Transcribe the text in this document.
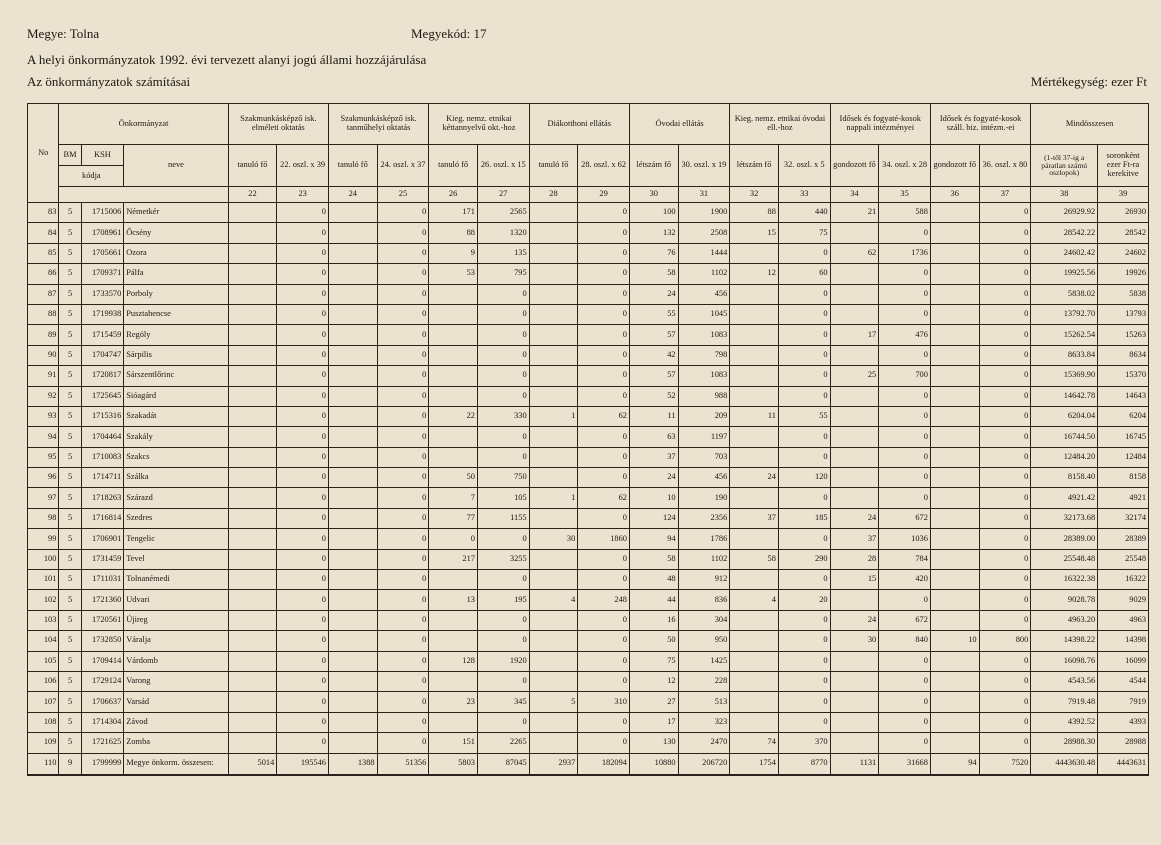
Megye: Tolna	Megyekód: 17
A helyi önkormányzatok 1992. évi tervezett alanyi jogú állami hozzájárulása
Az önkormányzatok számításai	Mértékegység: ezer Ft
No	Önkormányzat			Szakmunkásképző isk. elméleti oktatás		Szakmunkásképző isk. tanműhelyi oktatás		Kieg. nemz. etnikai kéttannyelvű okt.-hoz		Diákotthoni ellátás		Óvodai ellátás		Kieg. nemz. etnikai óvodai ell.-hoz		Idősek és fogyaté-kosok nappali intézményei		Idősek és fogyaté-kosok száll. biz. intézm.-ei		Mindösszesen	
	BM	KSH	neve	tanuló fő	22. oszl. x 39	tanuló fő	24. oszl. x 37	tanuló fő	26. oszl. x 15	tanuló fő	28. oszl. x 62	létszám fő	30. oszl. x 19	létszám fő	32. oszl. x 5	gondozott fő	34. oszl. x 28	gondozott fő	36. oszl. x 80	(1-től 37-ig a páratlan számú oszlopok)	soronként ezer Ft-ra kerekítve
	kódja																				
				22	23	24	25	26	27	28	29	30	31	32	33	34	35	36	37	38	39
83	5	1715006	Németkér		0		0	171	2565		0	100	1900	88	440	21	588		0	26929.92	26930
84	5	1708961	Őcsény		0		0	88	1320		0	132	2508	15	75		0		0	28542.22	28542
85	5	1705661	Ozora		0		0	9	135		0	76	1444		0	62	1736		0	24602.42	24602
86	5	1709371	Pálfa		0		0	53	795		0	58	1102	12	60		0		0	19925.56	19926
87	5	1733570	Porboly		0		0		0		0	24	456		0		0		0	5838.02	5838
88	5	1719938	Pusztahencse		0		0		0		0	55	1045		0		0		0	13792.70	13793
89	5	1715459	Regöly		0		0		0		0	57	1083		0	17	476		0	15262.54	15263
90	5	1704747	Sárpilis		0		0		0		0	42	798		0		0		0	8633.84	8634
91	5	1720817	Sárszentlőrinc		0		0		0		0	57	1083		0	25	700		0	15369.90	15370
92	5	1725645	Sióagárd		0		0		0		0	52	988		0		0		0	14642.78	14643
93	5	1715316	Szakadát		0		0	22	330	1	62	11	209	11	55		0		0	6204.04	6204
94	5	1704464	Szakály		0		0		0		0	63	1197		0		0		0	16744.50	16745
95	5	1710083	Szakcs		0		0		0		0	37	703		0		0		0	12484.20	12484
96	5	1714711	Szálka		0		0	50	750		0	24	456	24	120		0		0	8158.40	8158
97	5	1718263	Szárazd		0		0	7	105	1	62	10	190		0		0		0	4921.42	4921
98	5	1716814	Szedres		0		0	77	1155		0	124	2356	37	185	24	672		0	32173.68	32174
99	5	1706901	Tengelic		0		0	0	0	30	1860	94	1786		0	37	1036		0	28389.00	28389
100	5	1731459	Tevel		0		0	217	3255		0	58	1102	58	290	28	784		0	25548.48	25548
101	5	1711031	Tolnanémedi		0		0		0		0	48	912		0	15	420		0	16322.38	16322
102	5	1721360	Udvari		0		0	13	195	4	248	44	836	4	20		0		0	9028.78	9029
103	5	1720561	Újireg		0		0		0		0	16	304		0	24	672		0	4963.20	4963
104	5	1732850	Váralja		0		0		0		0	50	950		0	30	840	10	800	14398.22	14398
105	5	1709414	Várdomb		0		0	128	1920		0	75	1425		0		0		0	16098.76	16099
106	5	1729124	Varong		0		0		0		0	12	228		0		0		0	4543.56	4544
107	5	1706637	Varsád		0		0	23	345	5	310	27	513		0		0		0	7919.48	7919
108	5	1714304	Závod		0		0		0		0	17	323		0		0		0	4392.52	4393
109	5	1721625	Zomba		0		0	151	2265		0	130	2470	74	370		0		0	28988.30	28988
110	9	1799999	Megye önkorm. összesen:	5014	195546	1388	51356	5803	87045	2937	182094	10880	206720	1754	8770	1131	31668	94	7520	4443630.48	4443631
